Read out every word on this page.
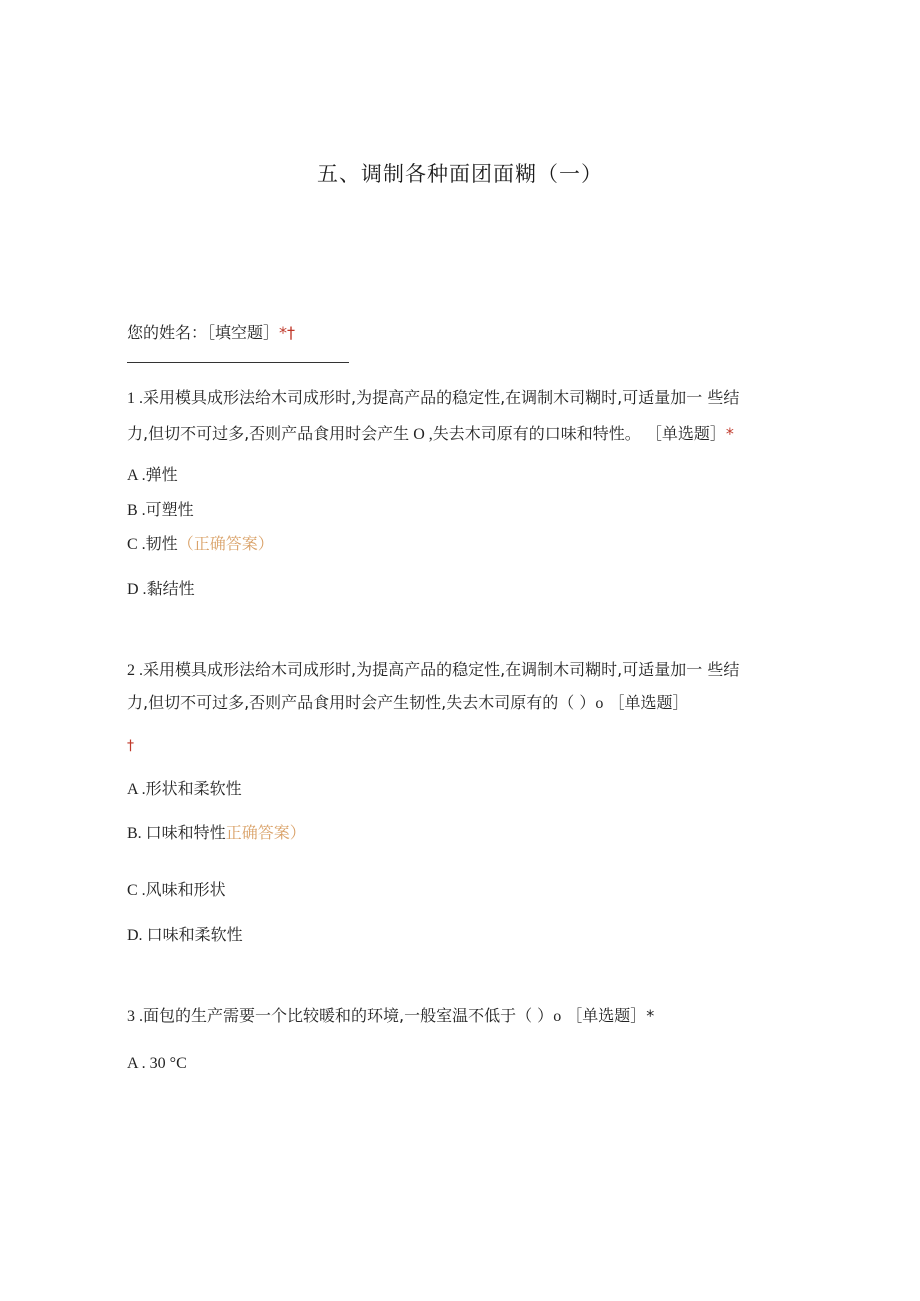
五、调制各种面团面糊（一）
您的姓名：［填空题］*†
1 .采用模具成形法给木司成形时,为提高产品的稳定性,在调制木司糊时,可适量加一 些结
力,但切不可过多,否则产品食用时会产生 O ,失去木司原有的口味和特性。 ［单选题］*
A .弹性
B .可塑性
C .韧性（正确答案）
D .黏结性
2 .采用模具成形法给木司成形时,为提高产品的稳定性,在调制木司糊时,可适量加一 些结
力,但切不可过多,否则产品食用时会产生韧性,失去木司原有的（ ）o ［单选题］
†
A .形状和柔软性
B. 口味和特性正确答案）
C .风味和形状
D. 口味和柔软性
3 .面包的生产需要一个比较暖和的环境,一般室温不低于（ ）o ［单选题］*
A . 30 °C
